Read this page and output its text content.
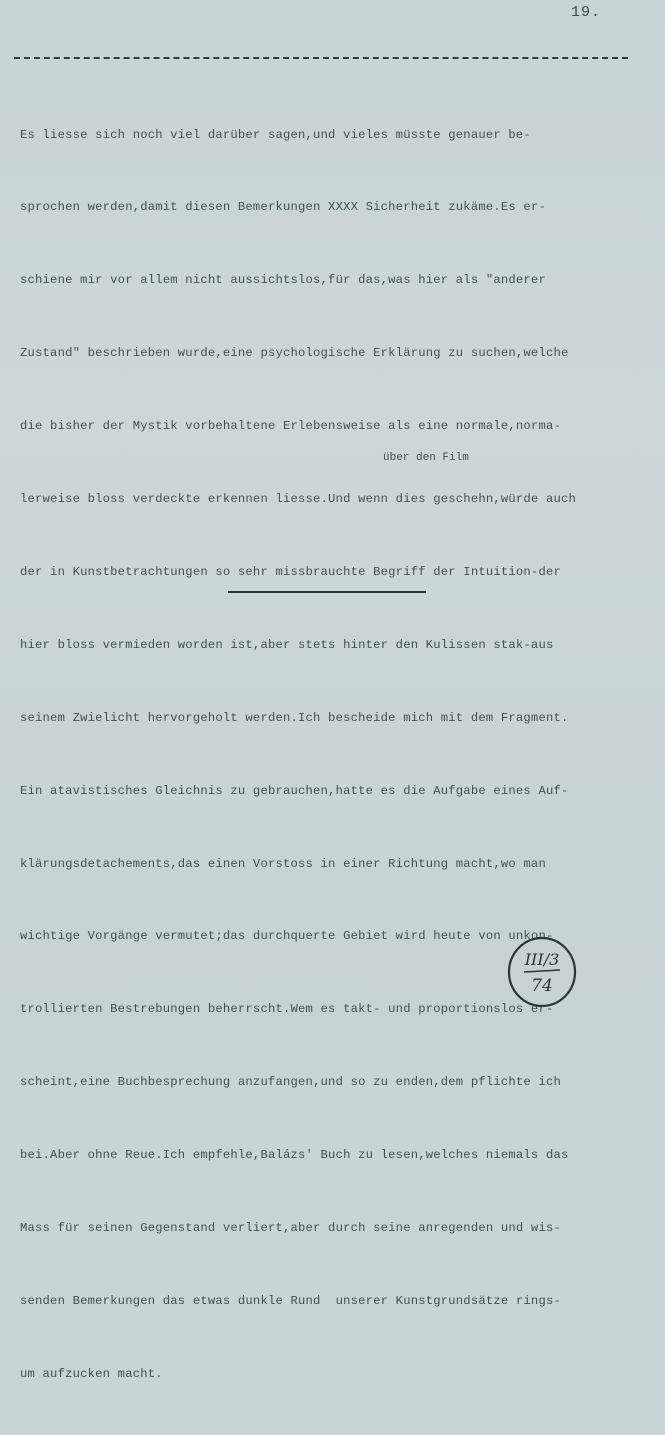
19.

Es liesse sich noch viel darüber sagen,und vieles müsste genauer be-

sprochen werden,damit diesen Bemerkungen XXXX Sicherheit zukäme.Es er-

schiene mir vor allem nicht aussichtslos,für das,was hier als "anderer

Zustand" beschrieben wurde,eine psychologische Erklärung zu suchen,welche

die bisher der Mystik vorbehaltene Erlebensweise als eine normale,norma-

lerweise bloss verdeckte erkennen liesse.Und wenn dies geschehn,würde auch

der in Kunstbetrachtungen so sehr missbrauchte Begriff der Intuition-der

hier bloss vermieden worden ist,aber stets hinter den Kulissen stak-aus

seinem Zwielicht hervorgeholt werden.Ich bescheide mich mit dem Fragment.

Ein atavistisches Gleichnis zu gebrauchen,hatte es die Aufgabe eines Auf-

klärungsdetachements,das einen Vorstoss in einer Richtung macht,wo man

wichtige Vorgänge vermutet;das durchquerte Gebiet wird heute von unkon-

trollierten Bestrebungen beherrscht.Wem es takt- und proportionslos er-

scheint,eine Buchbesprechung anzufangen,und so zu enden,dem pflichte ich

bei.Aber ohne Reue.Ich empfehle,Balázs' Buch zu lesen,welches niemals das

Mass für seinen Gegenstand verliert,aber durch seine anregenden und wis-

senden Bemerkungen das etwas dunkle Rund  unserer Kunstgrundsätze rings-

um aufzucken macht.

über den Film
III/3
74
